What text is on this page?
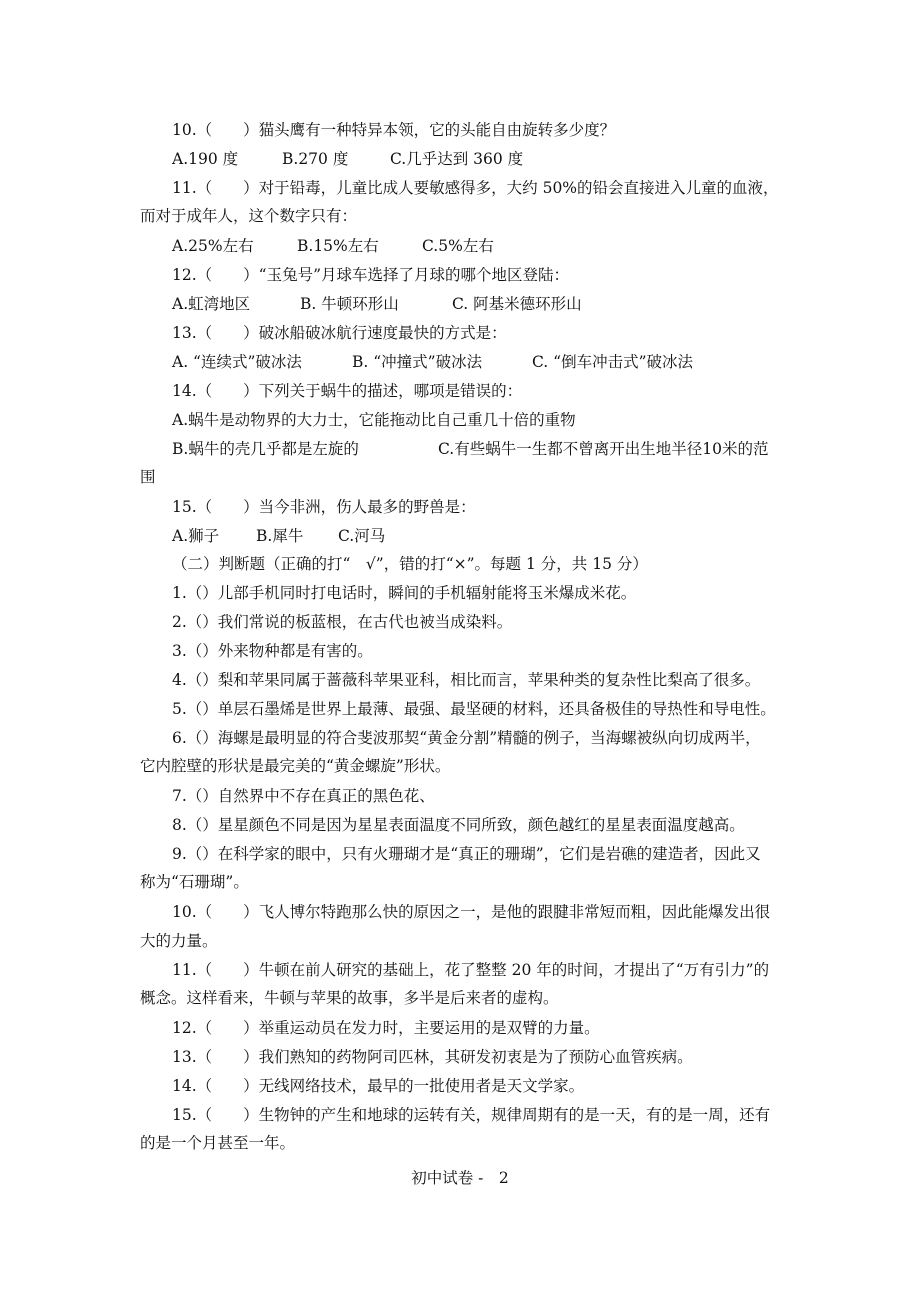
10.（　　）猫头鹰有一种特异本领，它的头能自由旋转多少度？
A.190 度	B.270 度	C.几乎达到 360 度
11.（　　）对于铅毒，儿童比成人要敏感得多，大约 50%的铅会直接进入儿童的血液，
而对于成年人，这个数字只有：
A.25%左右	B.15%左右	C.5%左右
12.（　　）“玉兔号”月球车选择了月球的哪个地区登陆：
A.虹湾地区	B. 牛顿环形山	C. 阿基米德环形山
13.（　　）破冰船破冰航行速度最快的方式是：
A. “连续式”破冰法	B. “冲撞式”破冰法	C. “倒车冲击式”破冰法
14.（　　）下列关于蜗牛的描述，哪项是错误的：
A.蜗牛是动物界的大力士，它能拖动比自己重几十倍的重物
B.蜗牛的壳几乎都是左旋的	C.有些蜗牛一生都不曾离开出生地半径10米的范
围
15.（　　）当今非洲，伤人最多的野兽是：
A.狮子 B.犀牛 C.河马
（二）判断题（正确的打“　√”，错的打“×”。每题 1 分，共 15 分）
1.（）儿部手机同时打电话时，瞬间的手机辐射能将玉米爆成米花。
2.（）我们常说的板蓝根，在古代也被当成染料。
3.（）外来物种都是有害的。
4.（）梨和苹果同属于蔷薇科苹果亚科，相比而言，苹果种类的复杂性比梨高了很多。
5.（）单层石墨烯是世界上最薄、最强、最坚硬的材料，还具备极佳的导热性和导电性。
6.（）海螺是最明显的符合斐波那契“黄金分割”精髓的例子，当海螺被纵向切成两半，
它内腔壁的形状是最完美的“黄金螺旋”形状。
7.（）自然界中不存在真正的黑色花、
8.（）星星颜色不同是因为星星表面温度不同所致，颜色越红的星星表面温度越高。
9.（）在科学家的眼中，只有火珊瑚才是“真正的珊瑚”，它们是岩礁的建造者，因此又
称为“石珊瑚”。
10.（　　）飞人博尔特跑那么快的原因之一，是他的跟腱非常短而粗，因此能爆发出很
大的力量。
11.（　　）牛顿在前人研究的基础上，花了整整 20 年的时间，才提出了“万有引力”的
概念。这样看来，牛顿与苹果的故事，多半是后来者的虚构。
12.（　　）举重运动员在发力时，主要运用的是双臂的力量。
13.（　　）我们熟知的药物阿司匹林，其研发初衷是为了预防心血管疾病。
14.（　　）无线网络技术，最早的一批使用者是天文学家。
15.（　　）生物钟的产生和地球的运转有关，规律周期有的是一天，有的是一周，还有
的是一个月甚至一年。
初中试卷 -　2
